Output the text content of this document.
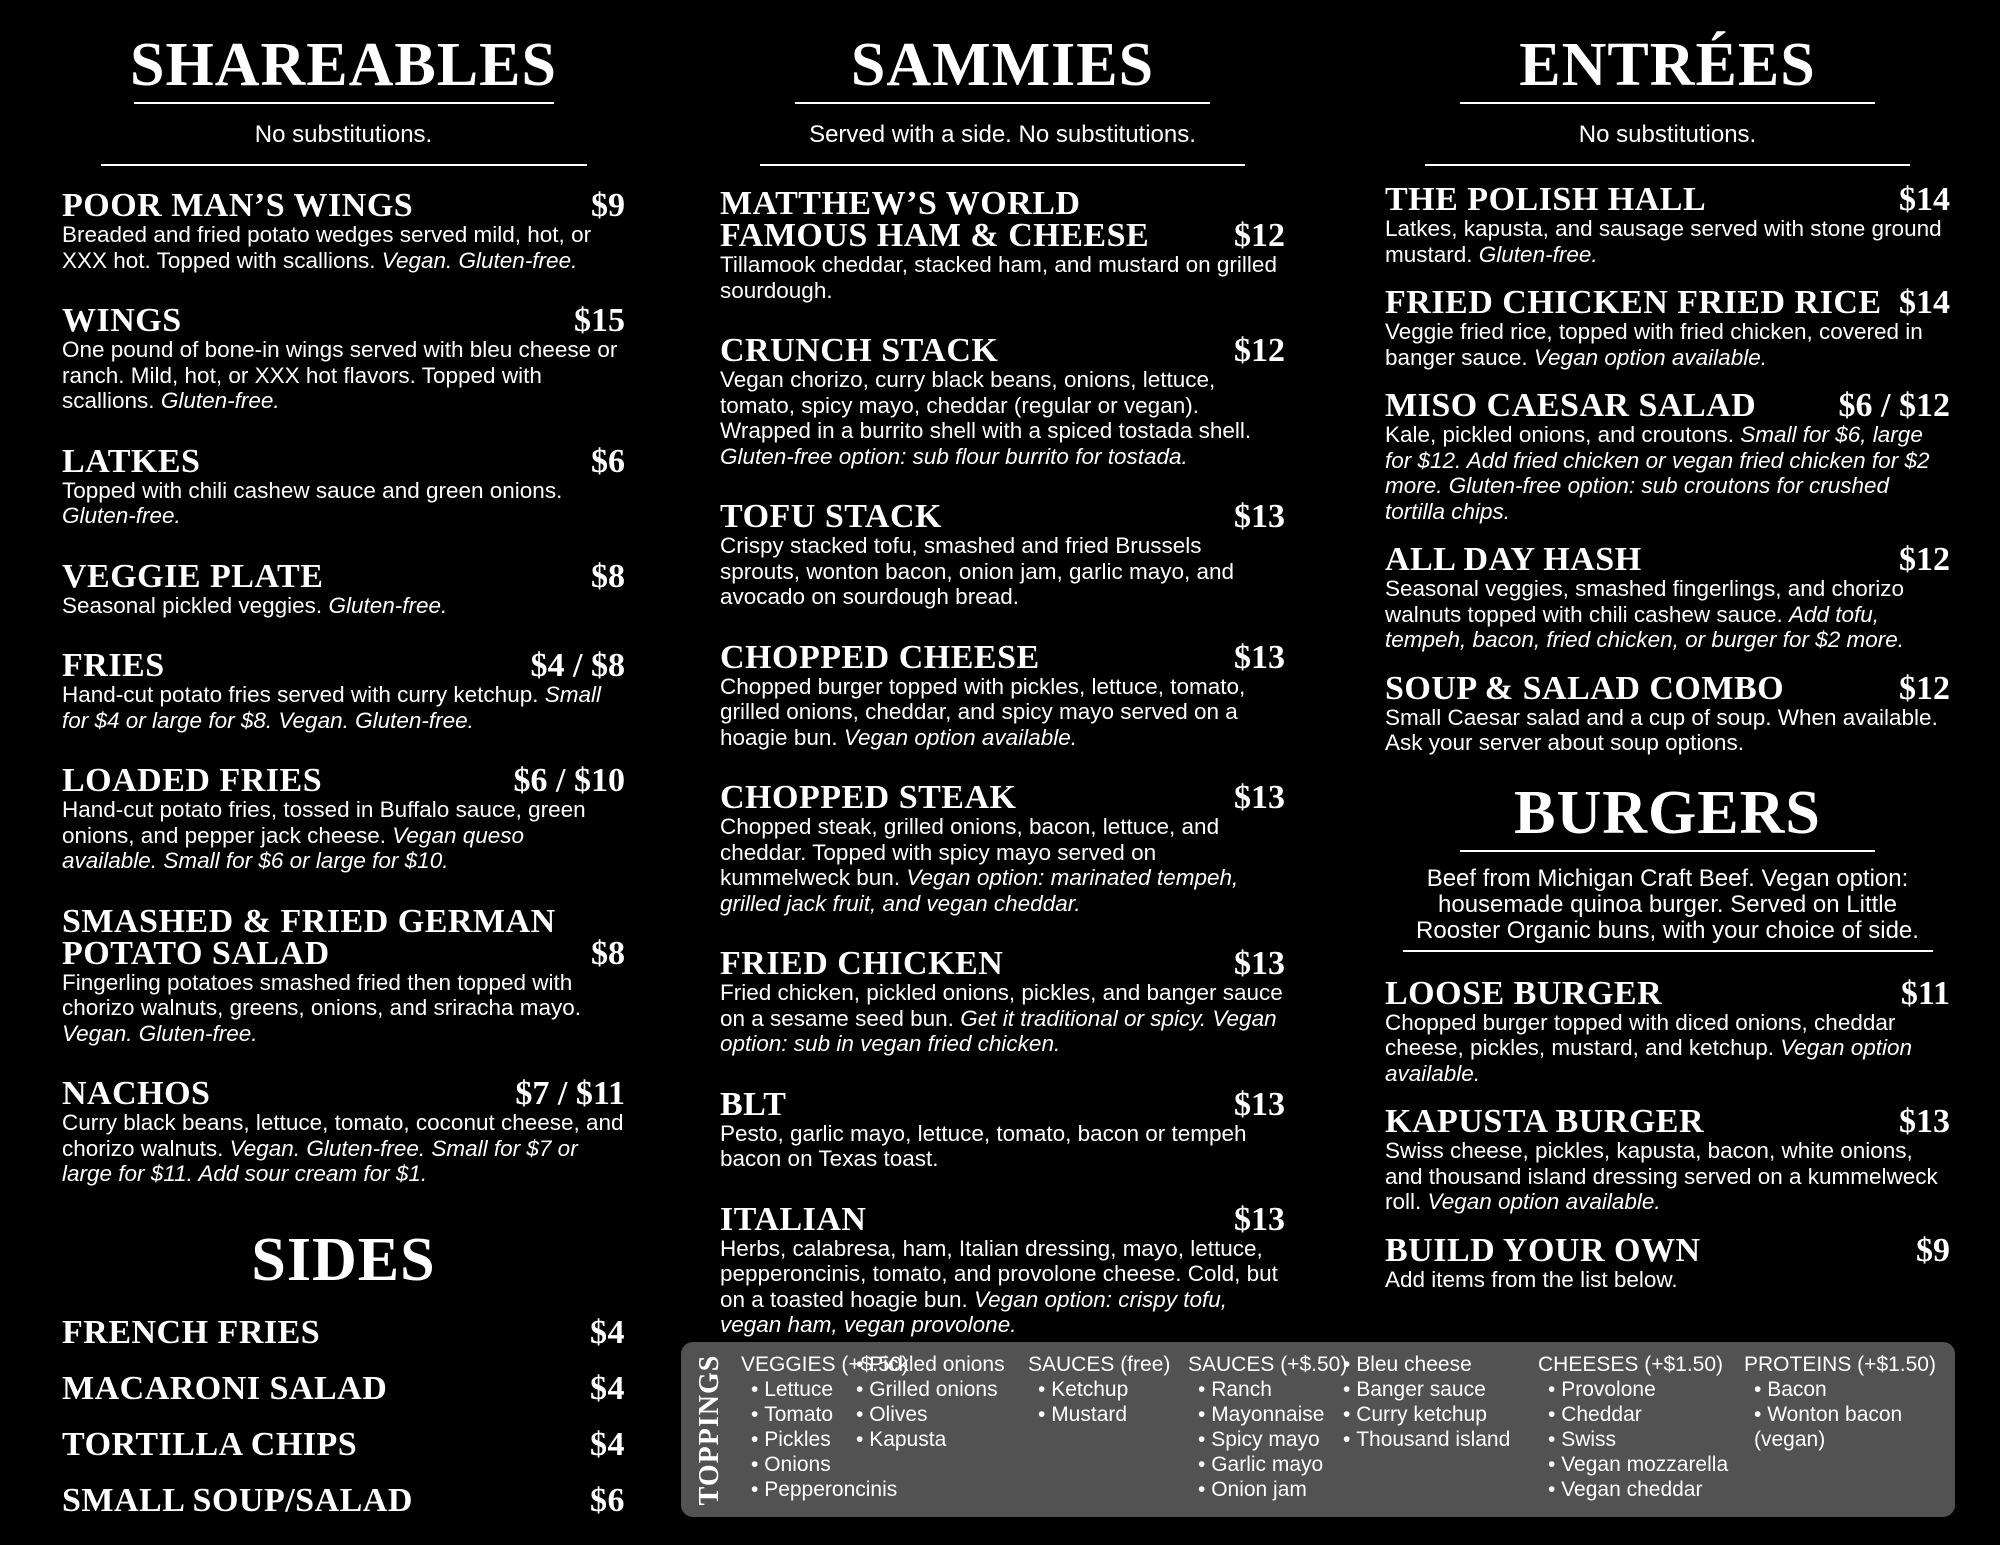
SHAREABLES

No substitutions.

POOR MAN’S WINGS	$9

Breaded and fried potato wedges served mild, hot, or XXX hot. Topped with scallions. Vegan. Gluten-free.

WINGS	$15

One pound of bone-in wings served with bleu cheese or ranch. Mild, hot, or XXX hot flavors. Topped with scallions. Gluten-free.

LATKES	$6

Topped with chili cashew sauce and green onions. Gluten-free.

VEGGIE PLATE	$8

Seasonal pickled veggies. Gluten-free.

FRIES	$4 / $8

Hand-cut potato fries served with curry ketchup. Small for $4 or large for $8. Vegan. Gluten-free.

LOADED FRIES	$6 / $10

Hand-cut potato fries, tossed in Buffalo sauce, green onions, and pepper jack cheese. Vegan queso available. Small for $6 or large for $10.

SMASHED & FRIED GERMAN
POTATO SALAD	$8

Fingerling potatoes smashed fried then topped with chorizo walnuts, greens, onions, and sriracha mayo. Vegan. Gluten-free.

NACHOS	$7 / $11

Curry black beans, lettuce, tomato, coconut cheese, and chorizo walnuts. Vegan. Gluten-free. Small for $7 or large for $11. Add sour cream for $1.

SIDES
FRENCH FRIES	$4
MACARONI SALAD	$4
TORTILLA CHIPS	$4
SMALL SOUP/SALAD	$6
SAMMIES

Served with a side. No substitutions.

MATTHEW’S WORLD
FAMOUS HAM & CHEESE $12

Tillamook cheddar, stacked ham, and mustard on grilled sourdough.

CRUNCH STACK	$12

Vegan chorizo, curry black beans, onions, lettuce, tomato, spicy mayo, cheddar (regular or vegan). Wrapped in a burrito shell with a spiced tostada shell. Gluten-free option: sub flour burrito for tostada.

TOFU STACK	$13

Crispy stacked tofu, smashed and fried Brussels sprouts, wonton bacon, onion jam, garlic mayo, and avocado on sourdough bread.

CHOPPED CHEESE	$13

Chopped burger topped with pickles, lettuce, tomato, grilled onions, cheddar, and spicy mayo served on a hoagie bun. Vegan option available.

CHOPPED STEAK	$13

Chopped steak, grilled onions, bacon, lettuce, and cheddar. Topped with spicy mayo served on kummelweck bun. Vegan option: marinated tempeh, grilled jack fruit, and vegan cheddar.

FRIED CHICKEN	$13

Fried chicken, pickled onions, pickles, and banger sauce on a sesame seed bun. Get it traditional or spicy. Vegan option: sub in vegan fried chicken.

BLT	$13

Pesto, garlic mayo, lettuce, tomato, bacon or tempeh bacon on Texas toast.

ITALIAN	$13

Herbs, calabresa, ham, Italian dressing, mayo, lettuce, pepperoncinis, tomato, and provolone cheese. Cold, but on a toasted hoagie bun. Vegan option: crispy tofu, vegan ham, vegan provolone.

ENTRÉES

No substitutions.

THE POLISH HALL	$14

Latkes, kapusta, and sausage served with stone ground mustard. Gluten-free.

FRIED CHICKEN FRIED RICE $14

Veggie fried rice, topped with fried chicken, covered in banger sauce. Vegan option available.

MISO CAESAR SALAD $6 / $12

Kale, pickled onions, and croutons. Small for $6, large for $12. Add fried chicken or vegan fried chicken for $2 more. Gluten-free option: sub croutons for crushed tortilla chips.

ALL DAY HASH	$12

Seasonal veggies, smashed fingerlings, and chorizo walnuts topped with chili cashew sauce. Add tofu, tempeh, bacon, fried chicken, or burger for $2 more.

SOUP & SALAD COMBO	$12

Small Caesar salad and a cup of soup. When available. Ask your server about soup options.

BURGERS

Beef from Michigan Craft Beef. Vegan option: housemade quinoa burger. Served on Little Rooster Organic buns, with your choice of side.

LOOSE BURGER	$11

Chopped burger topped with diced onions, cheddar cheese, pickles, mustard, and ketchup. Vegan option available.

KAPUSTA BURGER	$13

Swiss cheese, pickles, kapusta, bacon, white onions, and thousand island dressing served on a kummelweck roll. Vegan option available.

BUILD YOUR OWN	$9

Add items from the list below.

TOPPINGS VEGGIES (+$.50)

• Lettuce
• Tomato
• Pickles
• Onions
• Pepperoncinis

• Pickled onions
• Grilled onions
• Olives
• Kapusta

SAUCES (free)

• Ketchup
• Mustard

SAUCES (+$.50)

• Ranch
• Mayonnaise
• Spicy mayo
• Garlic mayo
• Onion jam

• Bleu cheese
• Banger sauce
• Curry ketchup
• Thousand island

CHEESES (+$1.50)

• Provolone
• Cheddar
• Swiss
• Vegan mozzarella
• Vegan cheddar

PROTEINS (+$1.50)

• Bacon
• Wonton bacon (vegan)
